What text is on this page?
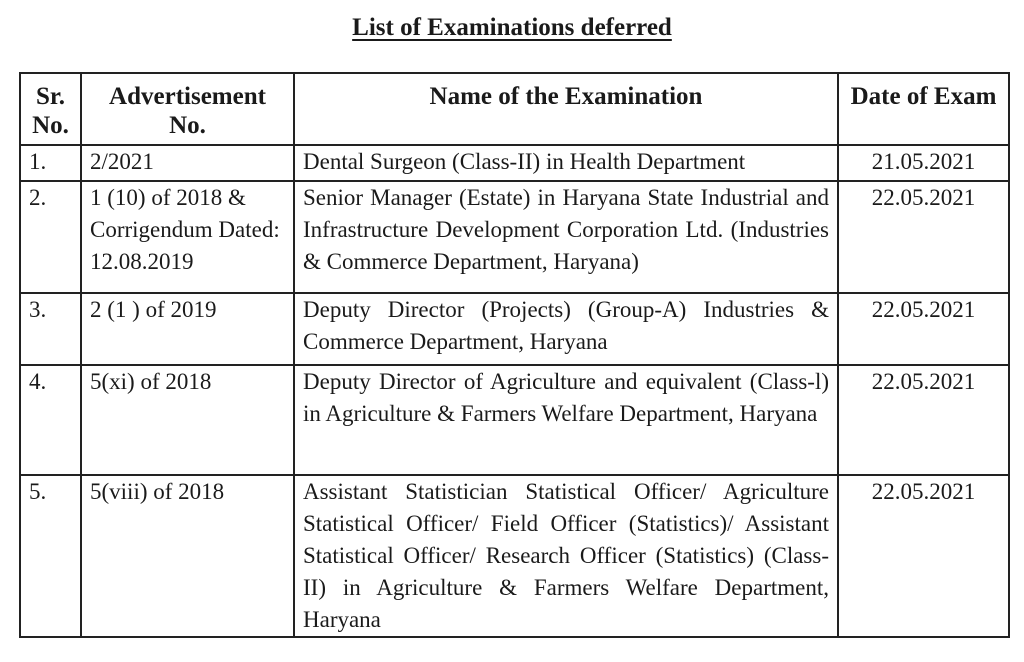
List of Examinations deferred
Sr. No.	Advertisement No.	Name of the Examination	Date of Exam
1.	2/2021	Dental Surgeon (Class-II) in Health Department	21.05.2021
2.	1 (10) of 2018 & Corrigendum Dated: 12.08.2019	Senior Manager (Estate) in Haryana State Industrial and Infrastructure Development Corporation Ltd. (Industries & Commerce Department, Haryana)	22.05.2021
3.	2 (1 ) of 2019	Deputy Director (Projects) (Group-A) Industries & Commerce Department, Haryana	22.05.2021
4.	5(xi) of 2018	Deputy Director of Agriculture and equivalent (Class-l) in Agriculture & Farmers Welfare Department, Haryana	22.05.2021
5.	5(viii) of 2018	Assistant Statistician Statistical Officer/ Agriculture Statistical Officer/ Field Officer (Statistics)/ Assistant Statistical Officer/ Research Officer (Statistics) (Class-II) in Agriculture & Farmers Welfare Department, Haryana	22.05.2021
